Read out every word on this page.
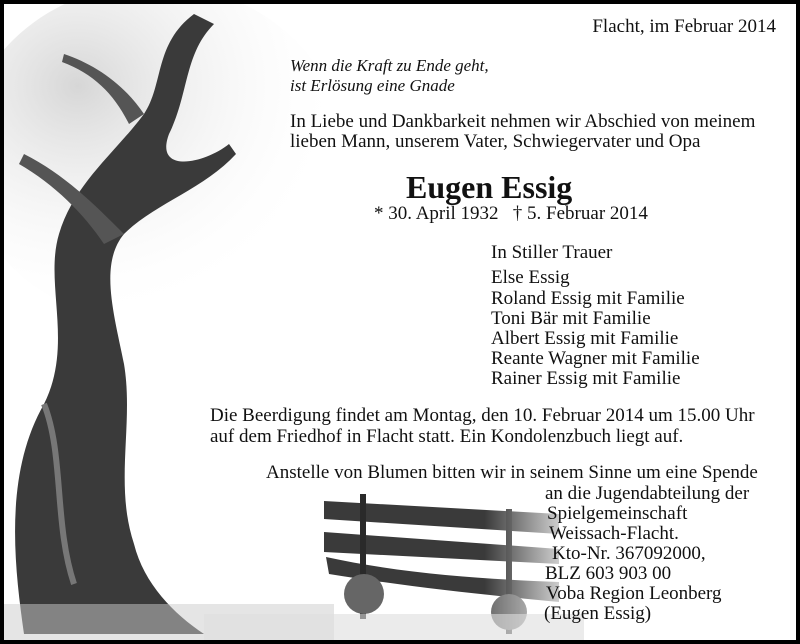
Flacht, im Februar 2014
Wenn die Kraft zu Ende geht,
ist Erlösung eine Gnade
In Liebe und Dankbarkeit nehmen wir Abschied von meinem
lieben Mann, unserem Vater, Schwiegervater und Opa
Eugen Essig
* 30. April 1932   † 5. Februar 2014
In Stiller Trauer
Else Essig
Roland Essig mit Familie
Toni Bär mit Familie
Albert Essig mit Familie
Reante Wagner mit Familie
Rainer Essig mit Familie
Die Beerdigung findet am Montag, den 10. Februar 2014 um 15.00 Uhr
auf dem Friedhof in Flacht statt. Ein Kondolenzbuch liegt auf.
Anstelle von Blumen bitten wir in seinem Sinne um eine Spende
an die Jugendabteilung der
Spielgemeinschaft
Weissach-Flacht.
Kto-Nr. 367092000,
BLZ 603 903 00
Voba Region Leonberg
(Eugen Essig)
